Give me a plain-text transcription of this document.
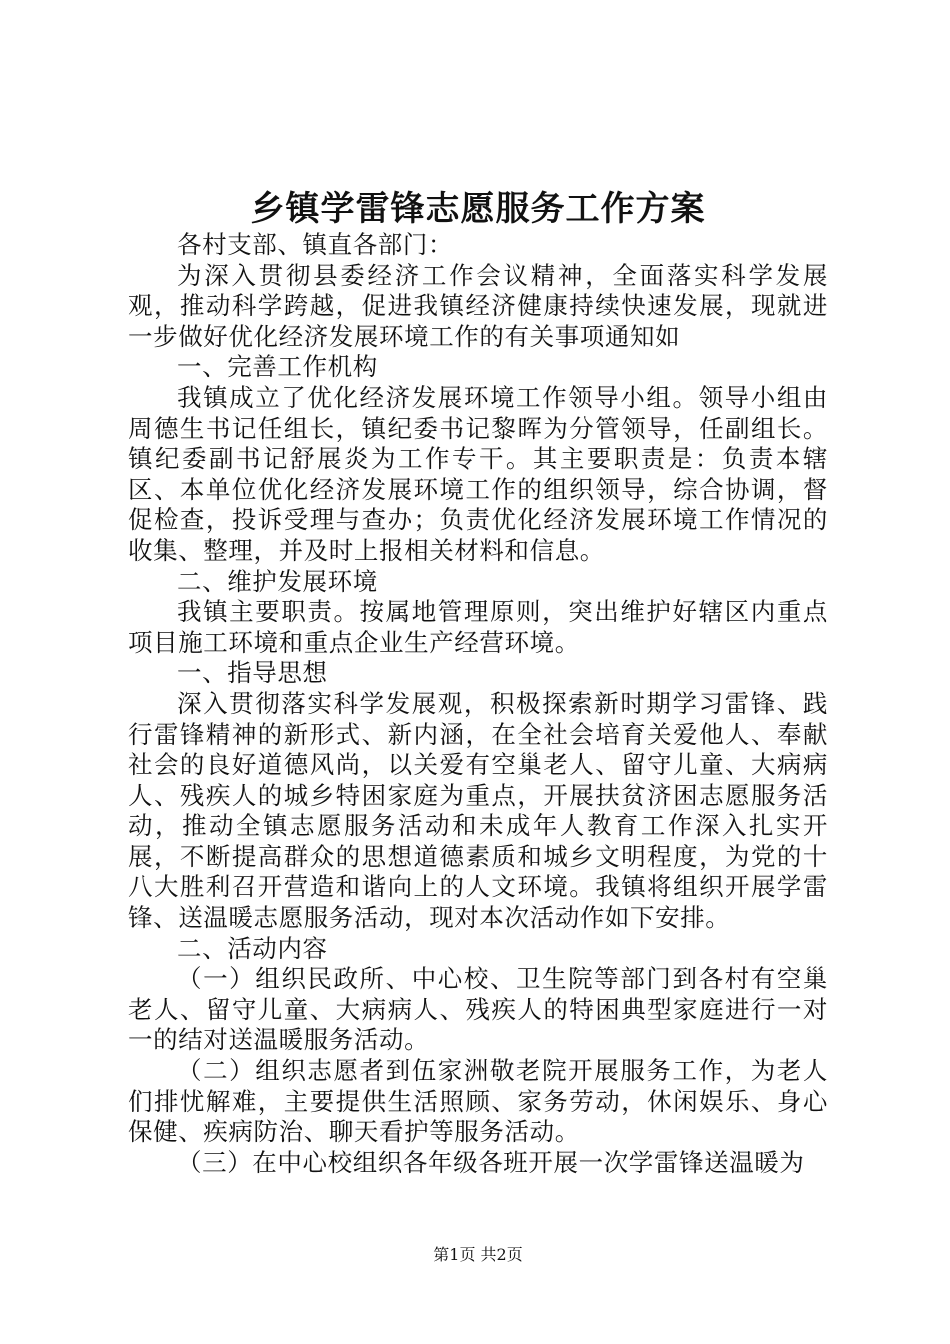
乡镇学雷锋志愿服务工作方案

各村支部、镇直各部门：

为深入贯彻县委经济工作会议精神，全面落实科学发展观，推动科学跨越，促进我镇经济健康持续快速发展，现就进一步做好优化经济发展环境工作的有关事项通知如

一、完善工作机构

我镇成立了优化经济发展环境工作领导小组。领导小组由周德生书记任组长，镇纪委书记黎晖为分管领导，任副组长。镇纪委副书记舒展炎为工作专干。其主要职责是：负责本辖区、本单位优化经济发展环境工作的组织领导，综合协调，督促检查，投诉受理与查办；负责优化经济发展环境工作情况的收集、整理，并及时上报相关材料和信息。

二、维护发展环境

我镇主要职责。按属地管理原则，突出维护好辖区内重点项目施工环境和重点企业生产经营环境。

一、指导思想

深入贯彻落实科学发展观，积极探索新时期学习雷锋、践行雷锋精神的新形式、新内涵，在全社会培育关爱他人、奉献社会的良好道德风尚，以关爱有空巢老人、留守儿童、大病病人、残疾人的城乡特困家庭为重点，开展扶贫济困志愿服务活动，推动全镇志愿服务活动和未成年人教育工作深入扎实开展，不断提高群众的思想道德素质和城乡文明程度，为党的十八大胜利召开营造和谐向上的人文环境。我镇将组织开展学雷锋、送温暖志愿服务活动，现对本次活动作如下安排。

二、活动内容

（一）组织民政所、中心校、卫生院等部门到各村有空巢老人、留守儿童、大病病人、残疾人的特困典型家庭进行一对一的结对送温暖服务活动。

（二）组织志愿者到伍家洲敬老院开展服务工作，为老人们排忧解难，主要提供生活照顾、家务劳动，休闲娱乐、身心保健、疾病防治、聊天看护等服务活动。

（三）在中心校组织各年级各班开展一次学雷锋送温暖为

第1页 共2页
